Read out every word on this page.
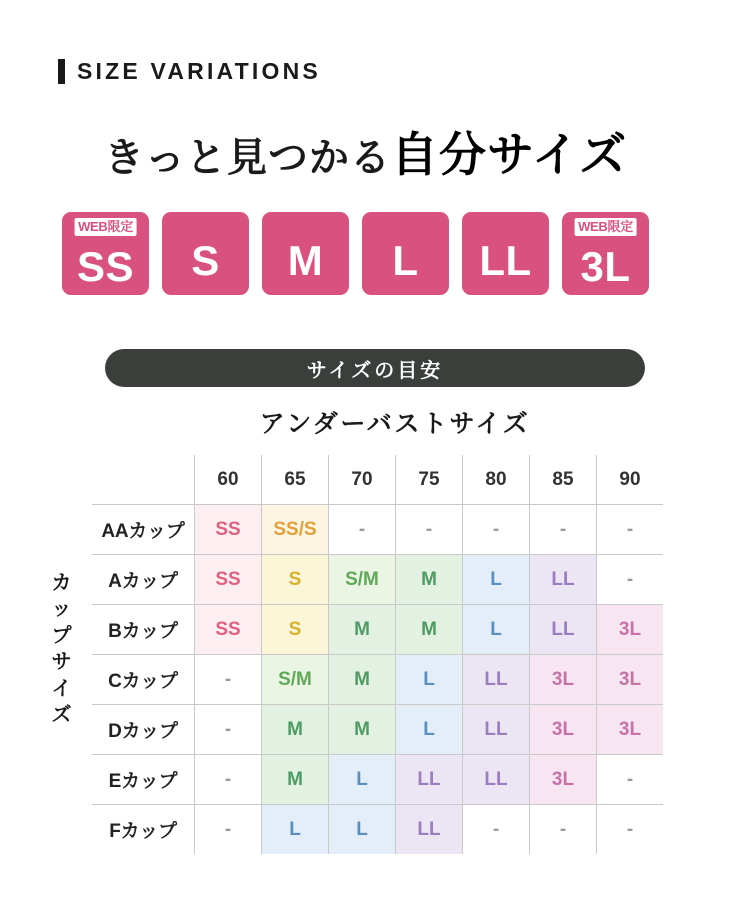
SIZE VARIATIONS
きっと見つかる自分サイズ
WEB限定
SS S M L LL
WEB限定
3L
サイズの目安
アンダーバストサイズ
カップサイズ
	60	65	70	75	80	85	90
AAカップ	SS	SS/S	-	-	-	-	-
Aカップ	SS	S	S/M	M	L	LL	-
Bカップ	SS	S	M	M	L	LL	3L
Cカップ	-	S/M	M	L	LL	3L	3L
Dカップ	-	M	M	L	LL	3L	3L
Eカップ	-	M	L	LL	LL	3L	-
Fカップ	-	L	L	LL	-	-	-
